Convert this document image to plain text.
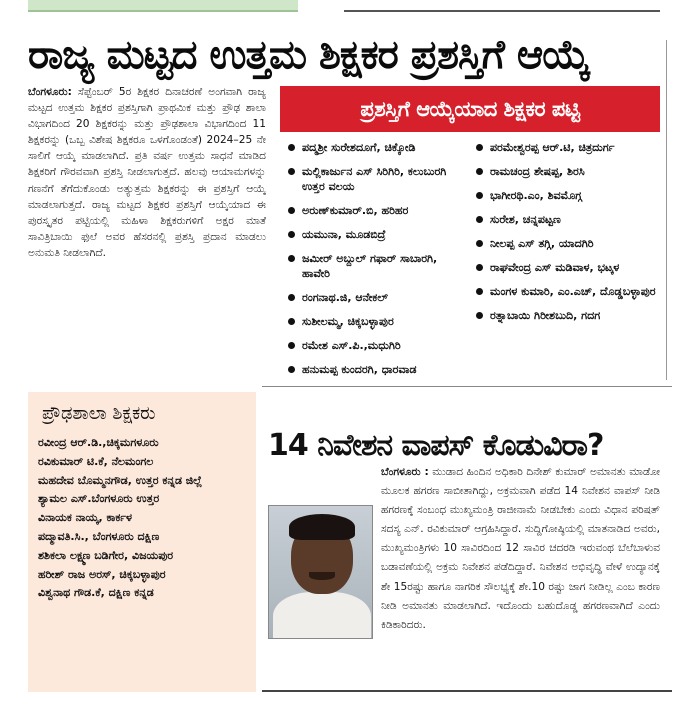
ರಾಜ್ಯ ಮಟ್ಟದ ಉತ್ತಮ ಶಿಕ್ಷಕರ ಪ್ರಶಸ್ತಿಗೆ ಆಯ್ಕೆ
ಬೆಂಗಳೂರು: ಸೆಪ್ಟೆಂಬರ್ 5ರ ಶಿಕ್ಷಕರ ದಿನಾಚರಣೆ ಅಂಗವಾಗಿ ರಾಜ್ಯ ಮಟ್ಟದ ಉತ್ತಮ ಶಿಕ್ಷಕರ ಪ್ರಶಸ್ತಿಗಾಗಿ ಪ್ರಾಥಮಿಕ ಮತ್ತು ಪ್ರೌಢ ಶಾಲಾ ವಿಭಾಗದಿಂದ 20 ಶಿಕ್ಷಕರನ್ನು ಮತ್ತು ಪ್ರೌಢಶಾಲಾ ವಿಭಾಗದಿಂದ 11 ಶಿಕ್ಷಕರನ್ನು (ಒಬ್ಬ ವಿಶೇಷ ಶಿಕ್ಷಕರೂ ಒಳಗೊಂಡಂತೆ) 2024–25 ನೇ ಸಾಲಿಗೆ ಆಯ್ಕೆ ಮಾಡಲಾಗಿದೆ. ಪ್ರತಿ ವರ್ಷ ಉತ್ತಮ ಸಾಧನೆ ಮಾಡಿದ ಶಿಕ್ಷಕರಿಗೆ ಗೌರವವಾಗಿ ಪ್ರಶಸ್ತಿ ನೀಡಲಾಗುತ್ತದೆ. ಹಲವು ಆಯಾಮಗಳನ್ನು ಗಣನೆಗೆ ತೆಗೆದುಕೊಂಡು ಅತ್ಯುತ್ತಮ ಶಿಕ್ಷಕರನ್ನು ಈ ಪ್ರಶಸ್ತಿಗೆ ಆಯ್ಕೆ ಮಾಡಲಾಗುತ್ತದೆ. ರಾಜ್ಯ ಮಟ್ಟದ ಶಿಕ್ಷಕರ ಪ್ರಶಸ್ತಿಗೆ ಆಯ್ಕೆಯಾದ ಈ ಪುರಸ್ಕೃತರ ಪಟ್ಟಿಯಲ್ಲಿ ಮಹಿಳಾ ಶಿಕ್ಷಕರುಗಳಿಗೆ ಅಕ್ಷರ ಮಾತೆ ಸಾವಿತ್ರಿಬಾಯಿ ಫುಲೆ ಅವರ ಹೆಸರನಲ್ಲಿ ಪ್ರಶಸ್ತಿ ಪ್ರದಾನ ಮಾಡಲು ಅನುಮತಿ ನೀಡಲಾಗಿದೆ.
ಪ್ರಶಸ್ತಿಗೆ ಆಯ್ಕೆಯಾದ ಶಿಕ್ಷಕರ ಪಟ್ಟಿ
ಪದ್ಮಶ್ರೀ ಸುರೇಶದೂಗೆ, ಚಿಕ್ಕೋಡಿ
ಮಲ್ಲಿಕಾರ್ಜುನ ಎಸ್ ಸಿರಿಗಿರಿ, ಕಲುಬುರಗಿ ಉತ್ತರ ವಲಯ
ಅರುಣ್‌ಕುಮಾರ್.ಬಿ, ಹರಿಹರ
ಯಮುನಾ, ಮೂಡಬಿದ್ರೆ
ಜಮೀರ್ ಅಬ್ದುಲ್ ಗಫಾರ್ ಸಾಬಾರಗಿ, ಹಾವೇರಿ
ರಂಗನಾಥ.ಜಿ, ಆನೇಕಲ್
ಸುಶೀಲಮ್ಮ, ಚಿಕ್ಕಬಳ್ಳಾಪುರ
ರಮೇಶ ಎಸ್.ಪಿ.,ಮಧುಗಿರಿ
ಹನುಮಪ್ಪ ಕುಂದರಗಿ, ಧಾರವಾಡ
ಪರಮೇಶ್ವರಪ್ಪ ಆರ್.ಟಿ, ಚಿತ್ರದುರ್ಗ
ರಾಮಚಂದ್ರ ಶೇಷಪ್ಪ, ಶಿರಸಿ
ಭಾಗೀರಥಿ.ಎಂ, ಶಿವಮೊಗ್ಗ
ಸುರೇಶ, ಚನ್ನಪಟ್ಟಣ
ನೀಲಪ್ಪ ಎಸ್ ತಗ್ಗಿ, ಯಾದಗಿರಿ
ರಾಘವೇಂದ್ರ ಎಸ್ ಮಡಿವಾಳ, ಭಟ್ಕಳ
ಮಂಗಳ ಕುಮಾರಿ, ಎಂ.ಎಚ್, ದೊಡ್ಡಬಳ್ಳಾಪುರ
ರತ್ನಾಬಾಯಿ ಗಿರೀಶಬುದಿ, ಗದಗ
ಪ್ರೌಢಶಾಲಾ ಶಿಕ್ಷಕರು
ರವೀಂದ್ರ ಆರ್.ಡಿ.,ಚಿಕ್ಕಮಗಳೂರು
ರವಿಕುಮಾರ್ ಟಿ.ಕೆ, ನೆಲಮಂಗಲ
ಮಹದೇವ ಬೊಮ್ಮನಗೌಡ, ಉತ್ತರ ಕನ್ನಡ ಜಿಲ್ಲೆ
ಶ್ಯಾಮಲ ಎಸ್.ಬೆಂಗಳೂರು ಉತ್ತರ
ವಿನಾಯಕ ನಾಯ್ಕ, ಕಾರ್ಕಳ
ಪದ್ಮಾವತಿ.ಸಿ., ಬೆಂಗಳೂರು ದಕ್ಷಿಣ
ಶಶಿಕಲಾ ಲಕ್ಷ್ಮಣ ಬಡಿಗೇರ, ವಿಜಯಪುರ
ಹರೀಶ್ ರಾಜ ಅರಸ್, ಚಿಕ್ಕಬಳ್ಳಾಪುರ
ವಿಶ್ವನಾಥ ಗೌಡ.ಕೆ, ದಕ್ಷಿಣ ಕನ್ನಡ
14 ನಿವೇಶನ ವಾಪಸ್ ಕೊಡುವಿರಾ?
ಬೆಂಗಳೂರು : ಮುಡಾದ ಹಿಂದಿನ ಅಧಿಕಾರಿ ದಿನೇಶ್ ಕುಮಾರ್ ಅಮಾನತು ಮಾಡೋ ಮೂಲಕ ಹಗರಣ ಸಾಬೀತಾಗಿದ್ದು, ಅಕ್ರಮವಾಗಿ ಪಡೆದ 14 ನಿವೇಶನ ವಾಪಸ್ ನೀಡಿ ಹಗರಣಕ್ಕೆ ಸಂಬಂಧ ಮುಖ್ಯಮಂತ್ರಿ ರಾಜೀನಾಮೆ ನೀಡಬೇಕು ಎಂದು ವಿಧಾನ ಪರಿಷತ್ ಸದಸ್ಯ ಎನ್. ರವಿಕುಮಾರ್ ಆಗ್ರಹಿಸಿದ್ದಾರೆ. ಸುದ್ದಿಗೋಷ್ಠಿಯಲ್ಲಿ ಮಾತನಾಡಿದ ಅವರು, ಮುಖ್ಯಮಂತ್ರಿಗಳು 10 ಸಾವಿರದಿಂದ 12 ಸಾವಿರ ಚದರಡಿ ಇರುವಂಥ ಬೆಲೆಬಾಳುವ ಬಡಾವಣೆಯಲ್ಲಿ ಅಕ್ರಮ ನಿವೇಶನ ಪಡೆದಿದ್ದಾರೆ. ನಿವೇಶನ ಅಭಿವೃದ್ಧಿ ವೇಳೆ ಉದ್ಯಾನಕ್ಕೆ ಶೇ 15ರಷ್ಟು ಹಾಗೂ ನಾಗರಿಕ ಸೌಲಭ್ಯಕ್ಕೆ ಶೇ.10 ರಷ್ಟು ಜಾಗ ನೀಡಿಲ್ಲ ಎಂಬ ಕಾರಣ ನೀಡಿ ಅಮಾನತು ಮಾಡಲಾಗಿದೆ. ಇದೊಂದು ಬಹುದೊಡ್ಡ ಹಗರಣವಾಗಿದೆ ಎಂದು ಕಿಡಿಕಾರಿದರು.
